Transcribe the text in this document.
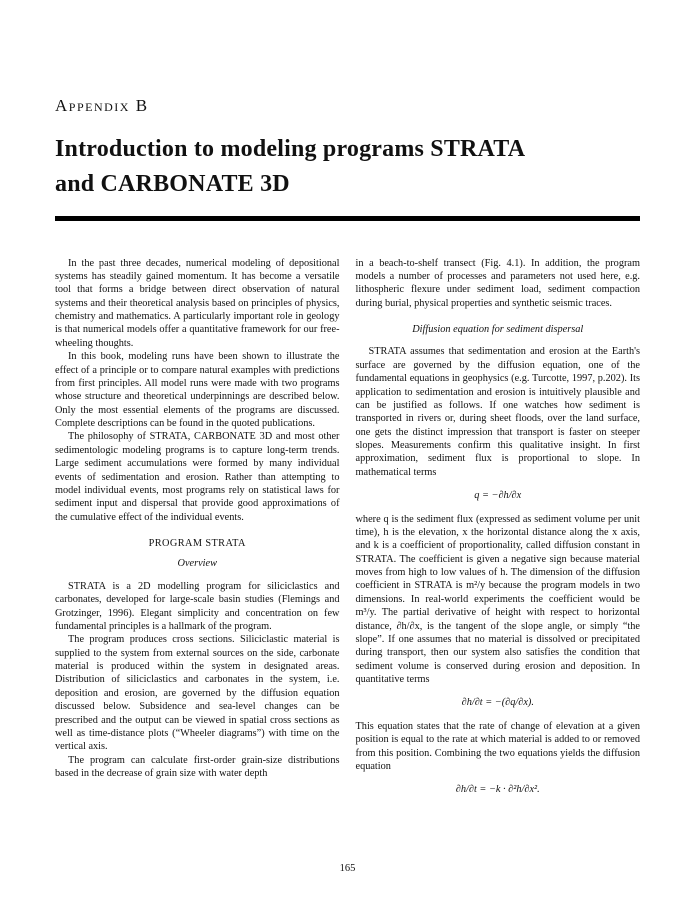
Appendix B
Introduction to modeling programs STRATA
and CARBONATE 3D

In the past three decades, numerical modeling of depositional systems has steadily gained momentum. It has become a versatile tool that forms a bridge between direct observation of natural systems and their theoretical analysis based on principles of physics, chemistry and mathematics. A particularly important role in geology is that numerical models offer a quantitative framework for our free-wheeling thoughts.

In this book, modeling runs have been shown to illustrate the effect of a principle or to compare natural examples with predictions from first principles. All model runs were made with two programs whose structure and theoretical underpinnings are described below. Only the most essential elements of the programs are discussed. Complete descriptions can be found in the quoted publications.

The philosophy of STRATA, CARBONATE 3D and most other sedimentologic modeling programs is to capture long-term trends. Large sediment accumulations were formed by many individual events of sedimentation and erosion. Rather than attempting to model individual events, most programs rely on statistical laws for sediment input and dispersal that provide good approximations of the cumulative effect of the individual events.

PROGRAM STRATA
Overview

STRATA is a 2D modelling program for siliciclastics and carbonates, developed for large-scale basin studies (Flemings and Grotzinger, 1996). Elegant simplicity and concentration on few fundamental principles is a hallmark of the program.

The program produces cross sections. Siliciclastic material is supplied to the system from external sources on the side, carbonate material is produced within the system in designated areas. Distribution of siliciclastics and carbonates in the system, i.e. deposition and erosion, are governed by the diffusion equation discussed below. Subsidence and sea-level changes can be prescribed and the output can be viewed in spatial cross sections as well as time-distance plots (“Wheeler diagrams”) with time on the vertical axis.

The program can calculate first-order grain-size distributions based in the decrease of grain size with water depth

in a beach-to-shelf transect (Fig. 4.1). In addition, the program models a number of processes and parameters not used here, e.g. lithospheric flexure under sediment load, sediment compaction during burial, physical properties and synthetic seismic traces.

Diffusion equation for sediment dispersal

STRATA assumes that sedimentation and erosion at the Earth's surface are governed by the diffusion equation, one of the fundamental equations in geophysics (e.g. Turcotte, 1997, p.202). Its application to sedimentation and erosion is intuitively plausible and can be justified as follows. If one watches how sediment is transported in rivers or, during sheet floods, over the land surface, one gets the distinct impression that transport is faster on steeper slopes. Measurements confirm this qualitative insight. In first approximation, sediment flux is proportional to slope. In mathematical terms

q = −∂h/∂x

where q is the sediment flux (expressed as sediment volume per unit time), h is the elevation, x the horizontal distance along the x axis, and k is a coefficient of proportionality, called diffusion constant in STRATA. The coefficient is given a negative sign because material moves from high to low values of h. The dimension of the diffusion coefficient in STRATA is m²/y because the program models in two dimensions. In real-world experiments the coefficient would be m³/y. The partial derivative of height with respect to horizontal distance, ∂h/∂x, is the tangent of the slope angle, or simply “the slope”. If one assumes that no material is dissolved or precipitated during transport, then our system also satisfies the condition that sediment volume is conserved during erosion and deposition. In quantitative terms

∂h/∂t = −(∂q/∂x).

This equation states that the rate of change of elevation at a given position is equal to the rate at which material is added to or removed from this position. Combining the two equations yields the diffusion equation

∂h/∂t = −k · ∂²h/∂x².
165
